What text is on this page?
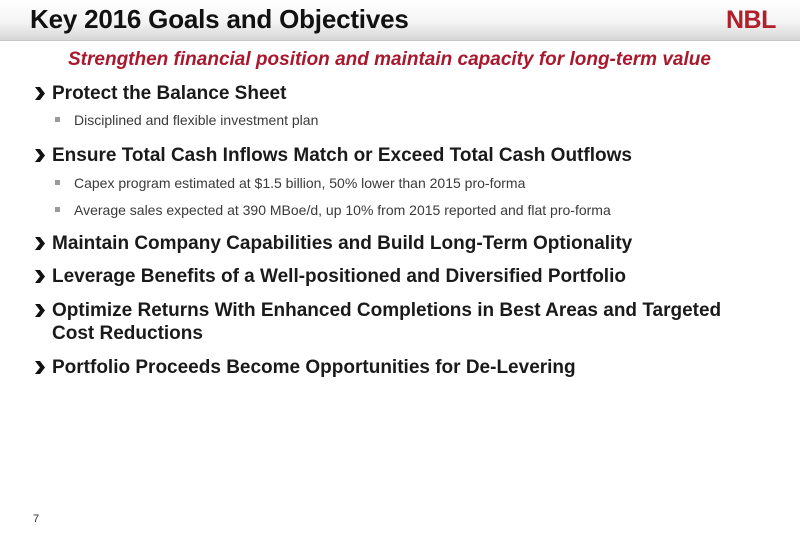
Key 2016 Goals and Objectives	NBL
Strengthen financial position and maintain capacity for long-term value
Protect the Balance Sheet
Disciplined and flexible investment plan
Ensure Total Cash Inflows Match or Exceed Total Cash Outflows
Capex program estimated at $1.5 billion, 50% lower than 2015 pro-forma
Average sales expected at 390 MBoe/d, up 10% from 2015 reported and flat pro-forma
Maintain Company Capabilities and Build Long-Term Optionality
Leverage Benefits of a Well-positioned and Diversified Portfolio
Optimize Returns With Enhanced Completions in Best Areas and Targeted Cost Reductions
Portfolio Proceeds Become Opportunities for De-Levering
7
